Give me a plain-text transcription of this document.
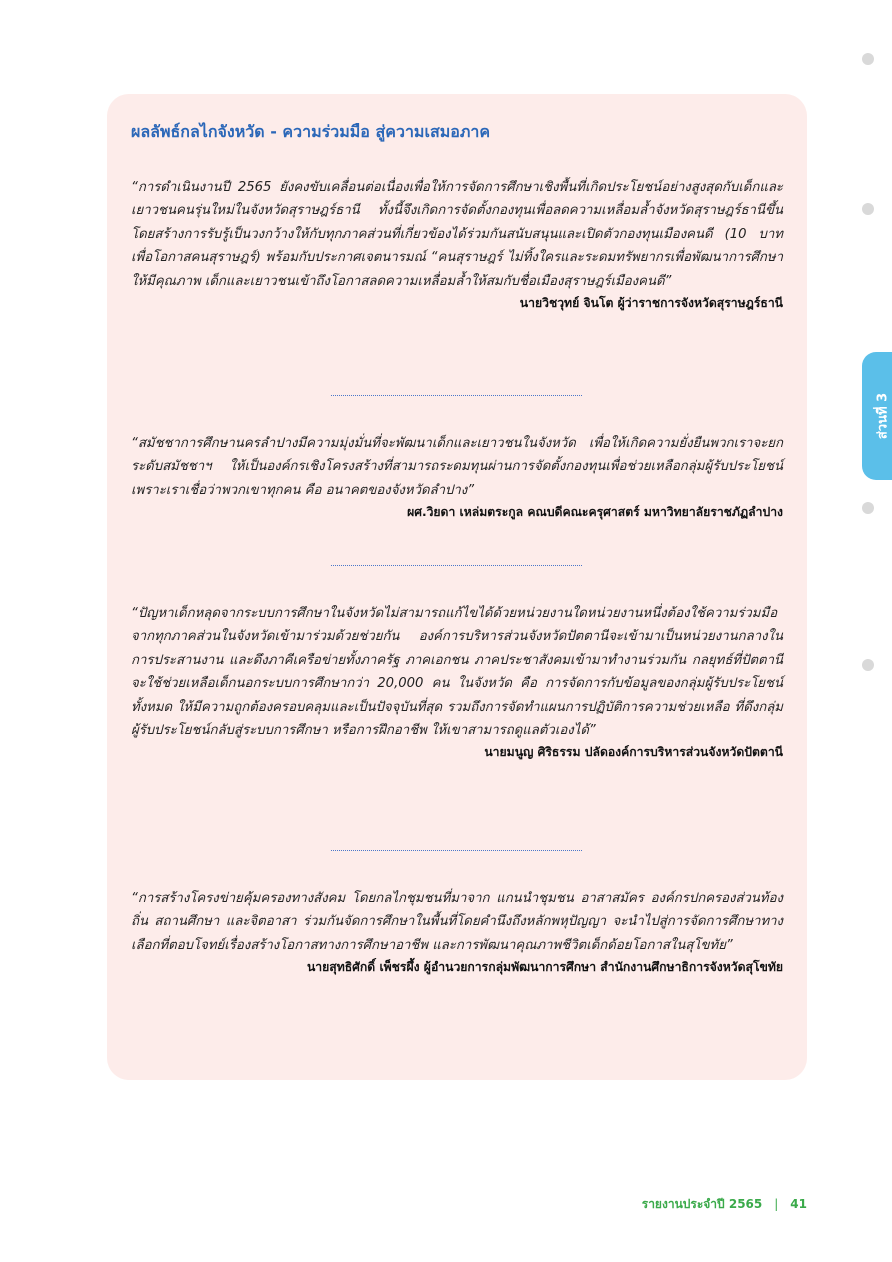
ส่วนที่ 3
ผลลัพธ์กลไกจังหวัด - ความร่วมมือ สู่ความเสมอภาค

“การดำเนินงานปี 2565 ยังคงขับเคลื่อนต่อเนื่องเพื่อให้การจัดการศึกษาเชิงพื้นที่เกิดประโยชน์อย่างสูงสุดกับเด็กและเยาวชนคนรุ่นใหม่ในจังหวัดสุราษฎร์ธานี ทั้งนี้จึงเกิดการจัดตั้งกองทุนเพื่อลดความเหลื่อมล้ำจังหวัดสุราษฎร์ธานีขึ้น โดยสร้างการรับรู้เป็นวงกว้างให้กับทุกภาคส่วนที่เกี่ยวข้องได้ร่วมกันสนับสนุนและเปิดตัวกองทุนเมืองคนดี (10 บาท เพื่อโอกาสคนสุราษฎร์) พร้อมกับประกาศเจตนารมณ์ “คนสุราษฎร์ ไม่ทิ้งใครและระดมทรัพยากรเพื่อพัฒนาการศึกษาให้มีคุณภาพ เด็กและเยาวชนเข้าถึงโอกาสลดความเหลื่อมล้ำให้สมกับชื่อเมืองสุราษฎร์เมืองคนดี”

นายวิชวุทย์ จินโต ผู้ว่าราชการจังหวัดสุราษฎร์ธานี

“สมัชชาการศึกษานครลำปางมีความมุ่งมั่นที่จะพัฒนาเด็กและเยาวชนในจังหวัด เพื่อให้เกิดความยั่งยืนพวกเราจะยกระดับสมัชชาฯ ให้เป็นองค์กรเชิงโครงสร้างที่สามารถระดมทุนผ่านการจัดตั้งกองทุนเพื่อช่วยเหลือกลุ่มผู้รับประโยชน์ เพราะเราเชื่อว่าพวกเขาทุกคน คือ อนาคตของจังหวัดลำปาง”

ผศ.วิยดา เหล่มตระกูล คณบดีคณะครุศาสตร์ มหาวิทยาลัยราชภัฏลำปาง

“ปัญหาเด็กหลุดจากระบบการศึกษาในจังหวัดไม่สามารถแก้ไขได้ด้วยหน่วยงานใดหน่วยงานหนึ่งต้องใช้ความร่วมมือจากทุกภาคส่วนในจังหวัดเข้ามาร่วมด้วยช่วยกัน องค์การบริหารส่วนจังหวัดปัตตานีจะเข้ามาเป็นหน่วยงานกลางในการประสานงาน และดึงภาคีเครือข่ายทั้งภาครัฐ ภาคเอกชน ภาคประชาสังคมเข้ามาทำงานร่วมกัน กลยุทธ์ที่ปัตตานีจะใช้ช่วยเหลือเด็กนอกระบบการศึกษากว่า 20,000 คน ในจังหวัด คือ การจัดการกับข้อมูลของกลุ่มผู้รับประโยชน์ทั้งหมด ให้มีความถูกต้องครอบคลุมและเป็นปัจจุบันที่สุด รวมถึงการจัดทำแผนการปฏิบัติการความช่วยเหลือ ที่ดึงกลุ่มผู้รับประโยชน์กลับสู่ระบบการศึกษา หรือการฝึกอาชีพ ให้เขาสามารถดูแลตัวเองได้”

นายมนูญ ศิริธรรม ปลัดองค์การบริหารส่วนจังหวัดปัตตานี

“การสร้างโครงข่ายคุ้มครองทางสังคม โดยกลไกชุมชนที่มาจาก แกนนำชุมชน อาสาสมัคร องค์กรปกครองส่วนท้องถิ่น สถานศึกษา และจิตอาสา ร่วมกันจัดการศึกษาในพื้นที่โดยคำนึงถึงหลักพหุปัญญา จะนำไปสู่การจัดการศึกษาทางเลือกที่ตอบโจทย์เรื่องสร้างโอกาสทางการศึกษาอาชีพ และการพัฒนาคุณภาพชีวิตเด็กด้อยโอกาสในสุโขทัย”

นายสุทธิศักดิ์ เพ็ชรผึ้ง ผู้อำนวยการกลุ่มพัฒนาการศึกษา สำนักงานศึกษาธิการจังหวัดสุโขทัย

รายงานประจำปี 2565 | 41
